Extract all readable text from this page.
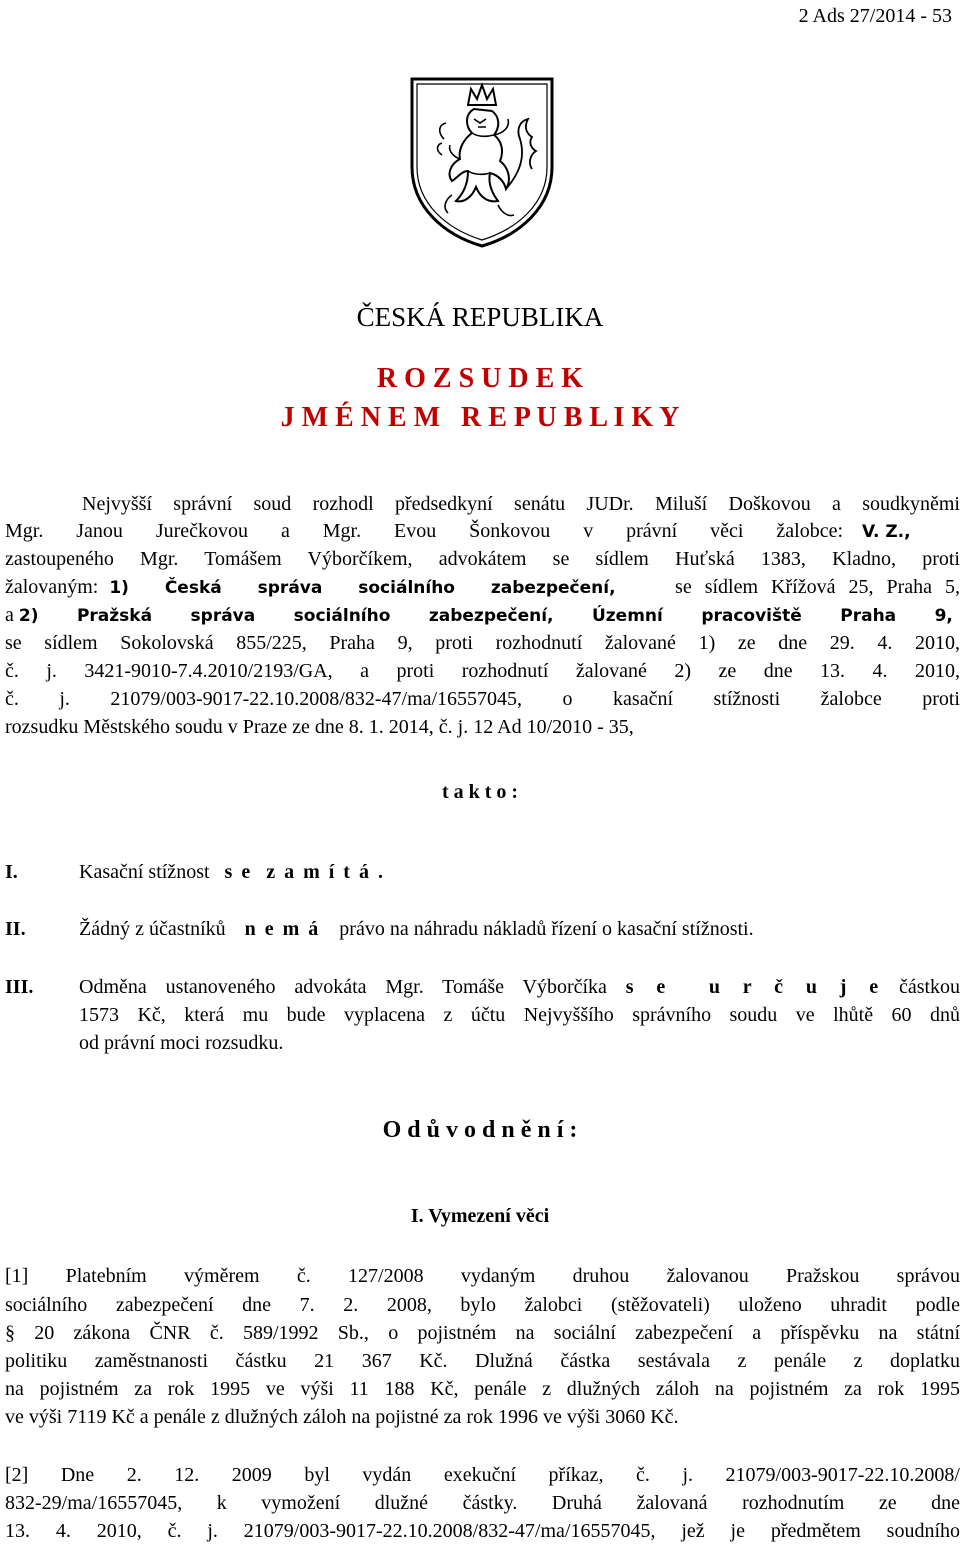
2 Ads 27/2014 - 53
ČESKÁ REPUBLIKA
R O Z S U D E K
J M É N E M   R E P U B L I K Y
Nejvyšší správní soud rozhodl předsedkyní senátu JUDr. Miluší Doškovou a soudkyněmi
Mgr. Janou Jurečkovou a Mgr. Evou Šonkovou v právní věci žalobce: V. Z.,
zastoupeného Mgr. Tomášem Výborčíkem, advokátem se sídlem Huťská 1383, Kladno, proti
žalovaným: 1) Česká správa sociálního zabezpečení,	se sídlem Křížová 25, Praha 5,
a 2) Pražská správa sociálního zabezpečení, Územní pracoviště Praha 9,
se sídlem Sokolovská 855/225, Praha 9, proti rozhodnutí žalované 1) ze dne 29. 4. 2010,
č. j. 3421-9010-7.4.2010/2193/GA, a proti rozhodnutí žalované 2) ze dne 13. 4. 2010,
č. j. 21079/003-9017-22.10.2008/832-47/ma/16557045, o kasační stížnosti žalobce proti
rozsudku Městského soudu v Praze ze dne 8. 1. 2014, č. j. 12 Ad 10/2010 - 35,
t a k t o :
I.	Kasační stížnost s e  z a m í t á .
II.	Žádný z účastníků n e m á právo na náhradu nákladů řízení o kasační stížnosti.
III. Odměna ustanoveného advokáta Mgr. Tomáše Výborčíka s e  u r č u j e částkou
1573 Kč, která mu bude vyplacena z účtu Nejvyššího správního soudu ve lhůtě 60 dnů
od právní moci rozsudku.
O d ů v o d n ě n í :
I. Vymezení věci
[1] Platebním výměrem č. 127/2008 vydaným druhou žalovanou Pražskou správou
sociálního zabezpečení dne 7. 2. 2008, bylo žalobci (stěžovateli) uloženo uhradit podle
§ 20 zákona ČNR č. 589/1992 Sb., o pojistném na sociální zabezpečení a příspěvku na státní
politiku zaměstnanosti částku 21 367 Kč. Dlužná částka sestávala z penále z doplatku
na pojistném za rok 1995 ve výši 11 188 Kč, penále z dlužných záloh na pojistném za rok 1995
ve výši 7119 Kč a penále z dlužných záloh na pojistné za rok 1996 ve výši 3060 Kč.
[2] Dne 2. 12. 2009 byl vydán exekuční příkaz, č. j. 21079/003-9017-22.10.2008/
832-29/ma/16557045, k vymožení dlužné částky. Druhá žalovaná rozhodnutím ze dne
13. 4. 2010, č. j. 21079/003-9017-22.10.2008/832-47/ma/16557045, jež je předmětem soudního
